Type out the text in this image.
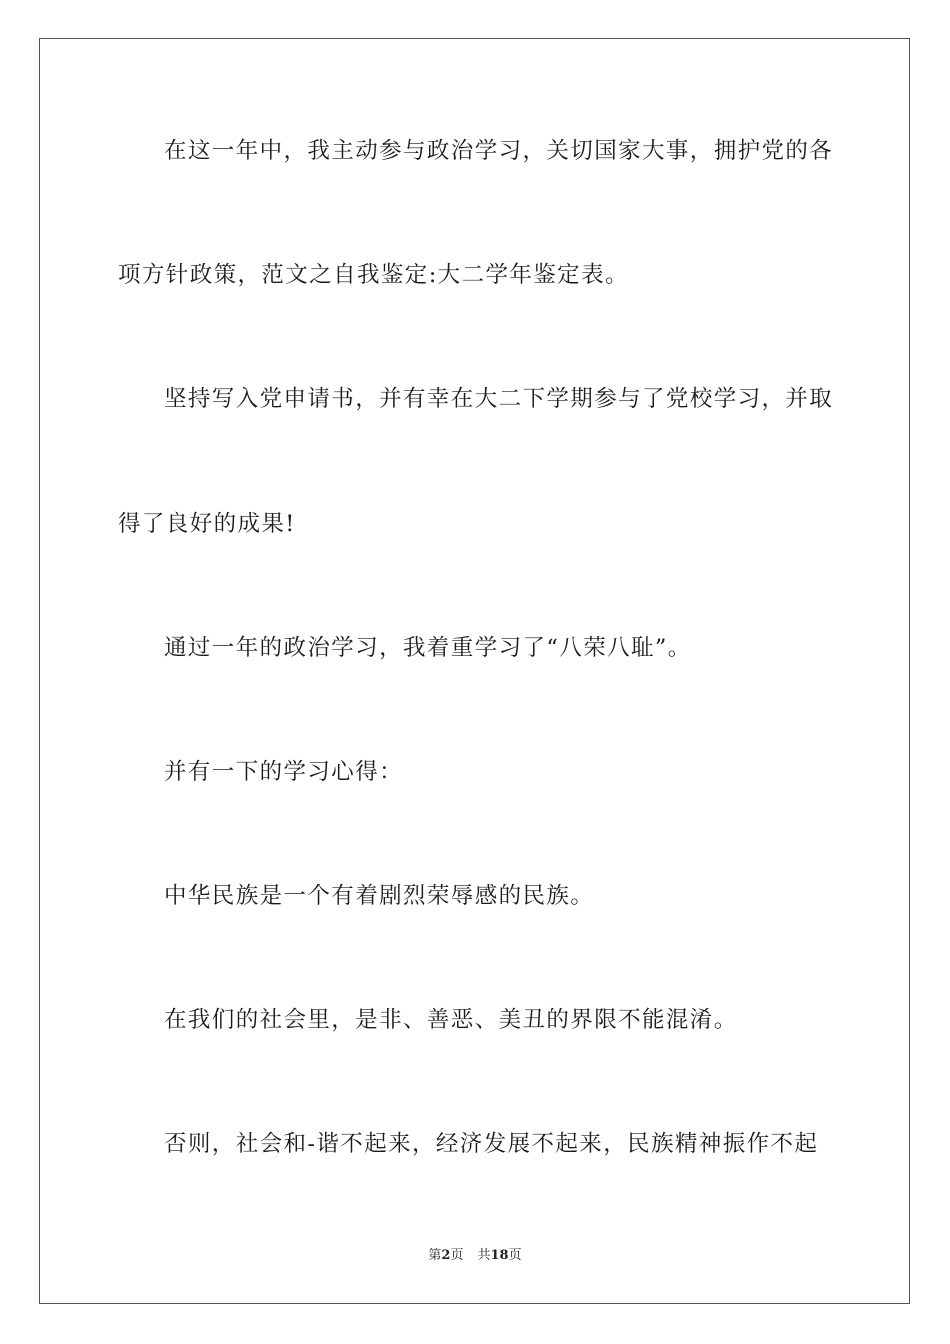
在这一年中，我主动参与政治学习，关切国家大事，拥护党的各
项方针政策，范文之自我鉴定:大二学年鉴定表。
坚持写入党申请书，并有幸在大二下学期参与了党校学习，并取
得了良好的成果!
通过一年的政治学习，我着重学习了“八荣八耻”。
并有一下的学习心得：
中华民族是一个有着剧烈荣辱感的民族。
在我们的社会里，是非、善恶、美丑的界限不能混淆。
否则，社会和-谐不起来，经济发展不起来，民族精神振作不起
第2页 共18页
